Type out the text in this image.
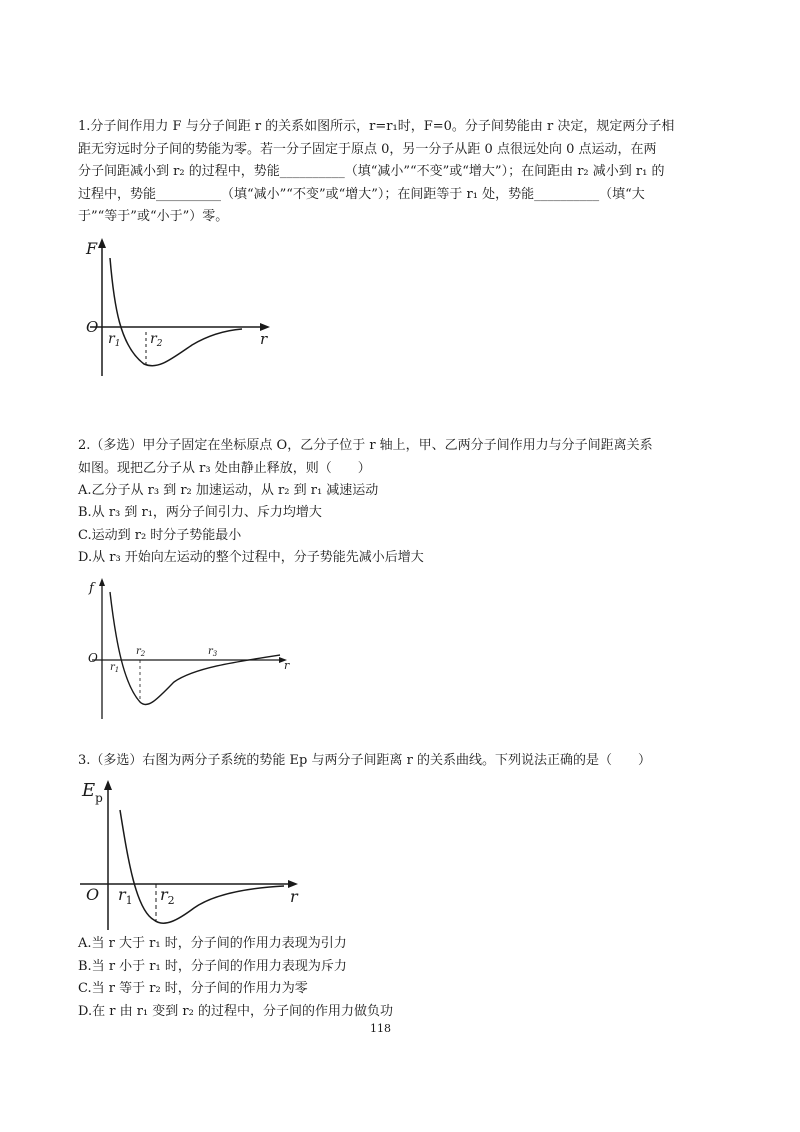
1.分子间作用力 F 与分子间距 r 的关系如图所示，r=r₁时，F=0。分子间势能由 r 决定，规定两分子相
距无穷远时分子间的势能为零。若一分子固定于原点 0，另一分子从距 0 点很远处向 0 点运动，在两
分子间距减小到 r₂ 的过程中，势能__________（填“减小”“不变”或“增大”）；在间距由 r₂ 减小到 r₁ 的
过程中，势能__________（填“减小”“不变”或“增大”）；在间距等于 r₁ 处，势能__________（填“大
于”“等于”或“小于”）零。
F
r
O
$r_1$ $r_2$
2.（多选）甲分子固定在坐标原点 O，乙分子位于 r 轴上，甲、乙两分子间作用力与分子间距离关系
如图。现把乙分子从 r₃ 处由静止释放，则（　　）
A.乙分子从 r₃ 到 r₂ 加速运动，从 r₂ 到 r₁ 减速运动
B.从 r₃ 到 r₁，两分子间引力、斥力均增大
C.运动到 r₂ 时分子势能最小
D.从 r₃ 开始向左运动的整个过程中，分子势能先减小后增大
f
r
O
$r_1$
$r_2$	$r_3$
3.（多选）右图为两分子系统的势能 Ep 与两分子间距离 r 的关系曲线。下列说法正确的是（　　）
$E_p$
r
O $r_1$ $r_2$
A.当 r 大于 r₁ 时，分子间的作用力表现为引力
B.当 r 小于 r₁ 时，分子间的作用力表现为斥力
C.当 r 等于 r₂ 时，分子间的作用力为零
D.在 r 由 r₁ 变到 r₂ 的过程中，分子间的作用力做负功
118
